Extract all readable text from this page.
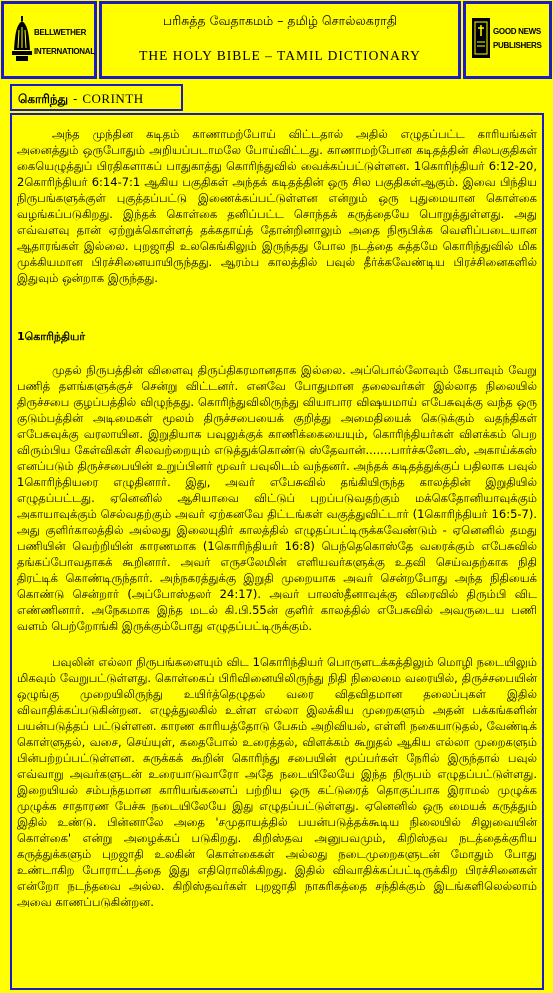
BELLWETHER
INTERNATIONAL
பரிசுத்த வேதாகமம் – தமிழ் சொல்லகராதி
THE HOLY BIBLE – TAMIL DICTIONARY
GOOD NEWS
PUBLISHERS
கொரிந்து - CORINTH

அந்த முந்தின கடிதம் காணாமற்போய் விட்டதால் அதில் எழுதப்பட்ட காரியங்கள் அனைத்தும் ஒருபோதும் அறியப்படாமலே போய்விட்டது. காணாமற்போன கடிதத்தின் சிலபகுதிகள் கையெழுத்துப் பிரதிகளாகப் பாதுகாத்து கொரிந்துவில் வைக்கப்பட்டுள்ளன. 1கொரிந்தியர் 6:12-20, 2கொரிந்தியர் 6:14-7:1 ஆகிய பகுதிகள் அந்தக் கடிதத்தின் ஒரு சில பகுதிகள்ஆகும். இவை பிந்திய நிருபங்களுக்குள் புகுத்தப்பட்டு இணைக்கப்பட்டுள்ளன என்றும் ஒரு புதுமையான கொள்கை வழங்கப்படுகிறது. இந்தக் கொள்கை தனிப்பட்ட சொந்தக் கருத்தையே பொறுத்துள்ளது. அது எவ்வளவு தான் ஏற்றுக்கொள்ளத் தக்கதாய்த் தோன்றினாலும் அதை நிரூபிக்க வெளிப்படையான ஆதாரங்கள் இல்லை. புறஜாதி உலகெங்கிலும் இருந்தது போல நடத்தை சுத்தமே கொரிந்துவில் மிக முக்கியமான பிரச்சினையாயிருந்தது. ஆரம்ப காலத்தில் பவுல் தீர்க்கவேண்டிய பிரச்சினைகளில் இதுவும் ஒன்றாக இருந்தது.

1கொரிந்தியர்

முதல் நிருபத்தின் விளைவு திருப்திகரமானதாக இல்லை. அப்பொல்லோவும் கேபாவும் வேறு பணித் தளங்களுக்குச் சென்று விட்டனர். எனவே போதுமான தலைவர்கள் இல்லாத நிலையில் திருச்சபை குழப்பத்தில் விழுந்தது. கொரிந்துவிலிருந்து வியாபார விஷயமாய் எபேசுவுக்கு வந்த ஒரு குடும்பத்தின் அடிமைகள் மூலம் திருச்சபையைக் குறித்து அமைதியைக் கெடுக்கும் வதந்திகள் எபேசுவுக்கு வரலாயின. இறுதியாக பவுலுக்குக் காணிக்கையையும், கொரிந்தியர்கள் விளக்கம் பெற விரும்பிய கேள்விகள் சிலவற்றையும் எடுத்துக்கொண்டு ஸ்தேவான்.......பார்ச்சுனேடஸ், அகாய்க்கஸ் எனப்படும் திருச்சபையின் உறுப்பினர் மூவர் பவுலிடம் வந்தனர். அந்தக் கடிதத்துக்குப் பதிலாக பவுல் 1கொரிந்தியரை எழுதினார். இது, அவர் எபேசுவில் தங்கியிருந்த காலத்தின் இறுதியில் எழுதப்பட்டது. ஏனெனில் ஆசியாவை விட்டுப் புறப்படுவதற்கும் மக்கெதோனியாவுக்கும் அகாயாவுக்கும் செல்வதற்கும் அவர் ஏற்கனவே திட்டங்கள் வகுத்துவிட்டார் (1கொரிந்தியர் 16:5-7). அது குளிர்காலத்தில் அல்லது இலையுதிர் காலத்தில் எழுதப்பட்டிருக்கவேண்டும் - ஏனெனில் தமது பணியின் வெற்றியின் காரணமாக (1கொரிந்தியர் 16:8) பெந்தெகொஸ்தே வரைக்கும் எபேசுவில் தங்கப்போவதாகக் கூறினார். அவர் எருசலேமின் எளியவர்களுக்கு உதவி செய்வதற்காக நிதி திரட்டிக் கொண்டிருந்தார். அந்நகரத்துக்கு இறுதி முறையாக அவர் சென்றபோது அந்த நிதியைக் கொண்டு சென்றார் (அப்போஸ்தலர் 24:17). அவர் பாலஸ்தீனாவுக்கு விரைவில் திரும்பி விட எண்ணினார். அநேகமாக இந்த மடல் கி.பி.55ன் குளிர் காலத்தில் எபேசுவில் அவருடைய பணி வளம் பெற்றோங்கி இருக்கும்போது எழுதப்பட்டிருக்கும்.

பவுலின் எல்லா நிருபங்களையும் விட 1கொரிந்தியர் பொருளடக்கத்திலும் மொழி நடையிலும் மிகவும் வேறுபட்டுள்ளது. கொள்கைப் பிரிவினையிலிருந்து நிதி நிலைமை வரையில், திருச்சபையின் ஒழுங்கு முறையிலிருந்து உயிர்த்தெழுதல் வரை விதவிதமான தலைப்புகள் இதில் விவாதிக்கப்படுகின்றன. எழுத்துலகில் உள்ள எல்லா இலக்கிய முறைகளும் அதன் பக்கங்களின் பயன்படுத்தப் பட்டுள்ளன. காரண காரியத்தோடு பேசும் அறிவியல், எள்ளி நகையாடுதல், வேண்டிக் கொள்ளுதல், வசை, செய்யுள், கதைபோல் உரைத்தல், விளக்கம் கூறுதல் ஆகிய எல்லா முறைகளும் பின்பற்றப்பட்டுள்ளன. சுருக்கக் கூறின் கொரிந்து சபையின் மூப்பர்கள் நேரில் இருந்தால் பவுல் எவ்வாறு அவர்களுடன் உரையாடுவாரோ அதே நடையிலேயே இந்த நிருபம் எழுதப்பட்டுள்ளது. இறையியல் சம்பந்தமான காரியங்களைப் பற்றிய ஒரு கட்டுரைத் தொகுப்பாக இராமல் முழுக்க முழுக்க சாதாரண பேச்சு நடையிலேயே இது எழுதப்பட்டுள்ளது. ஏனெனில் ஒரு மையக் கருத்தும் இதில் உண்டு. பின்னாலே அதை 'சமுதாயத்தில் பயன்படுத்தக்கூடிய நிலையில் சிலுவையின் கொள்கை' என்று அழைக்கப் படுகிறது. கிறிஸ்தவ அனுபவமும், கிறிஸ்தவ நடத்தைக்குரிய கருத்துக்களும் புறஜாதி உலகின் கொள்கைகள் அல்லது நடைமுறைகளுடன் மோதும் போது உண்டாகிற போராட்டத்தை இது எதிரொலிக்கிறது. இதில் விவாதிக்கப்பட்டிருக்கிற பிரச்சினைகள் என்றோ நடந்தவை அல்ல. கிறிஸ்தவர்கள் புறஜாதி நாகரிகத்தை சந்திக்கும் இடங்களிலெல்லாம் அவை காணப்படுகின்றன.
